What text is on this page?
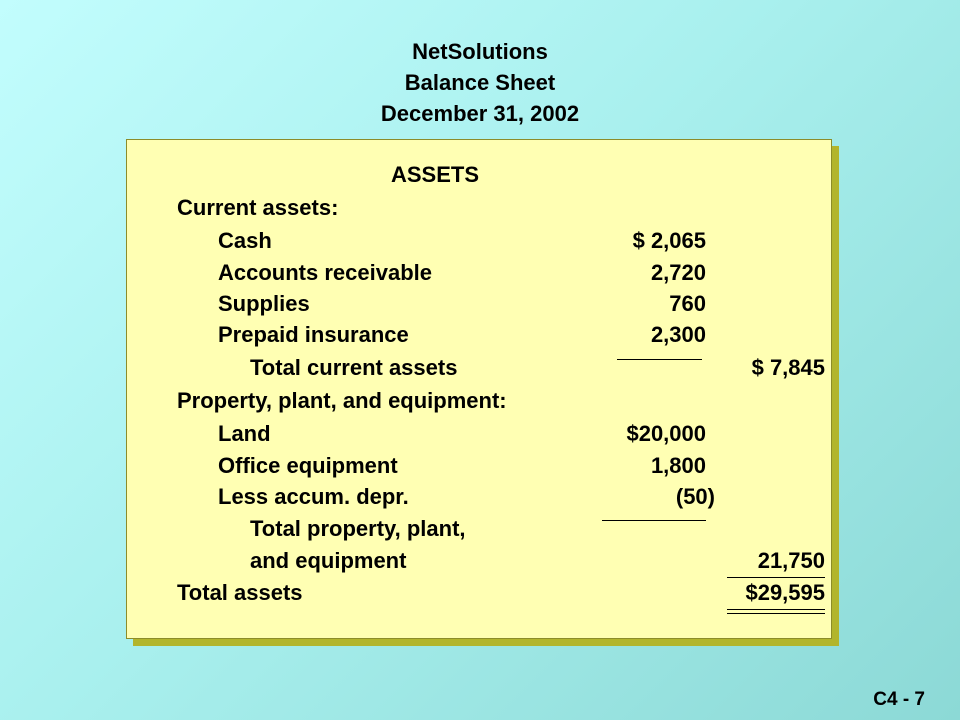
NetSolutions
Balance Sheet
December 31, 2002
ASSETS
Current assets:
Cash	$ 2,065
Accounts receivable	2,720
Supplies	760
Prepaid insurance	2,300
Total current assets	$ 7,845
Property, plant, and equipment:
Land	$20,000
Office equipment	1,800
Less accum. depr.	(50)
Total property, plant,
and equipment	21,750
Total assets	$29,595
C4 - 7
